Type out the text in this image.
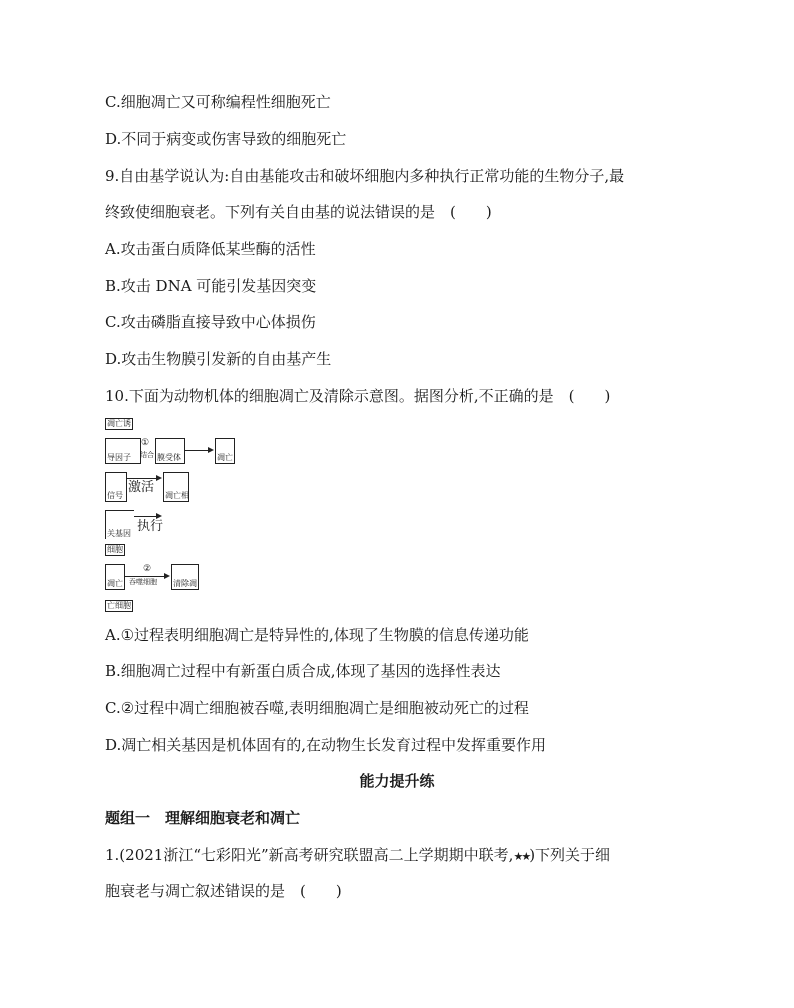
C.细胞凋亡又可称编程性细胞死亡
D.不同于病变或伤害导致的细胞死亡
9.自由基学说认为:自由基能攻击和破坏细胞内多种执行正常功能的生物分子,最
终致使细胞衰老。下列有关自由基的说法错误的是　(　　)
A.攻击蛋白质降低某些酶的活性
B.攻击 DNA 可能引发基因突变
C.攻击磷脂直接导致中心体损伤
D.攻击生物膜引发新的自由基产生
10.下面为动物机体的细胞凋亡及清除示意图。据图分析,不正确的是　(　　)
凋亡诱
导因子
①
结合 膜受体	凋亡
信号
激活
凋亡相
关基因 执行
细胞
凋亡
②
吞噬细胞 清除凋
亡细胞
A.①过程表明细胞凋亡是特异性的,体现了生物膜的信息传递功能
B.细胞凋亡过程中有新蛋白质合成,体现了基因的选择性表达
C.②过程中凋亡细胞被吞噬,表明细胞凋亡是细胞被动死亡的过程
D.凋亡相关基因是机体固有的,在动物生长发育过程中发挥重要作用
能力提升练
题组一　理解细胞衰老和凋亡
1.(2021浙江“七彩阳光”新高考研究联盟高二上学期期中联考,★★)下列关于细
胞衰老与凋亡叙述错误的是　(　　)
